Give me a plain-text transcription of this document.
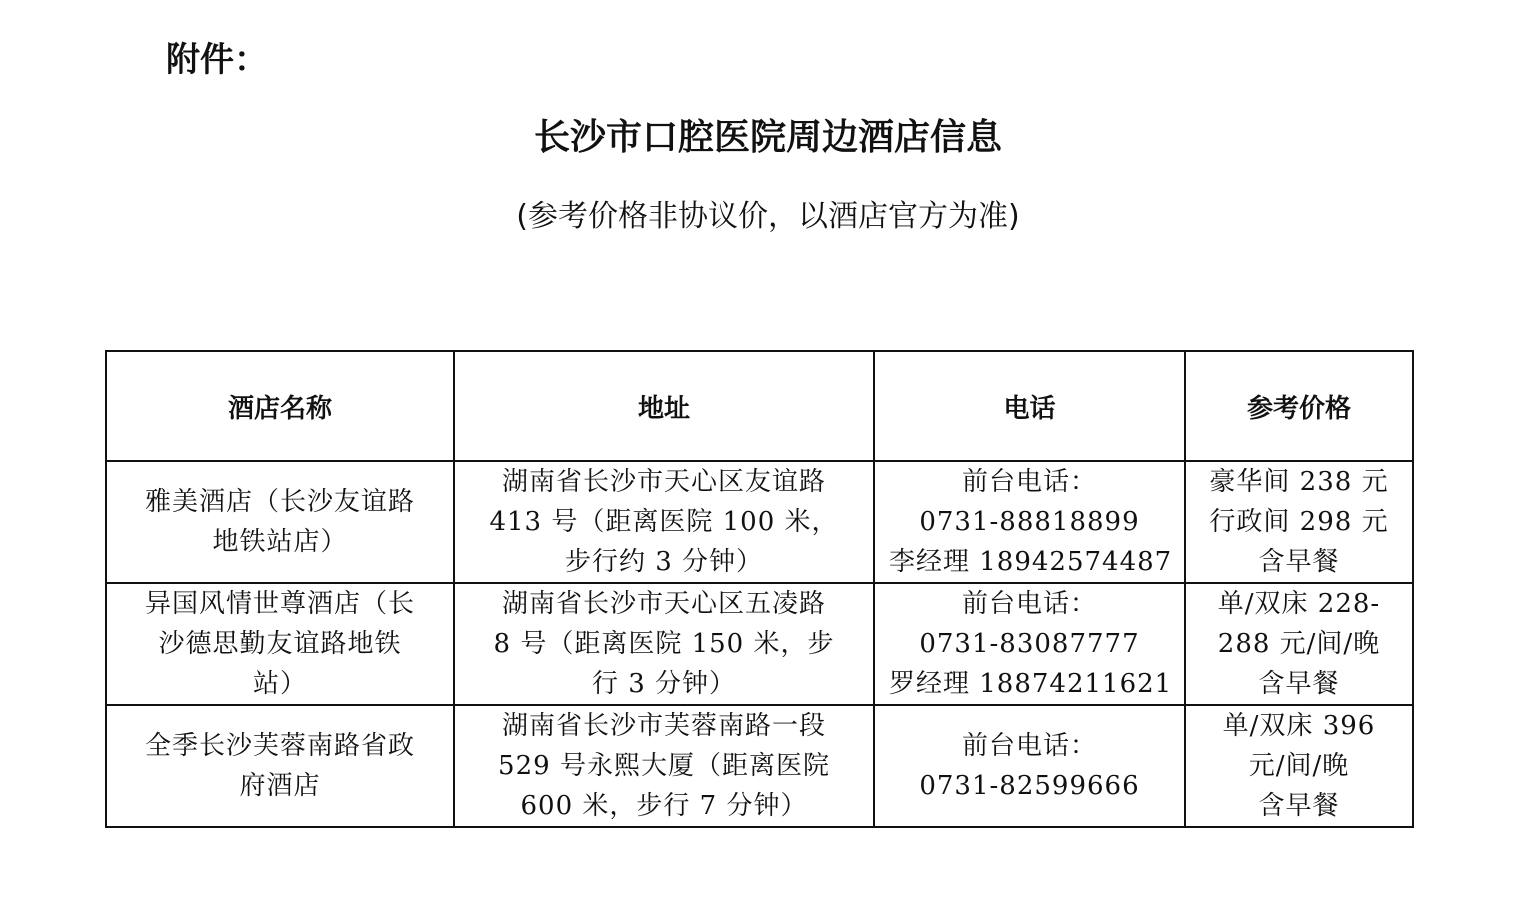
附件：
长沙市口腔医院周边酒店信息
(参考价格非协议价，以酒店官方为准)
酒店名称	地址	电话	参考价格

雅美酒店（长沙友谊路
地铁站店）	湖南省长沙市天心区友谊路
413 号（距离医院 100 米，
步行约 3 分钟）	前台电话：
0731-88818899
李经理 18942574487	豪华间 238 元
行政间 298 元
含早餐

异国风情世尊酒店（长
沙德思勤友谊路地铁
站）	湖南省长沙市天心区五凌路
8 号（距离医院 150 米，步
行 3 分钟）	前台电话：
0731-83087777
罗经理 18874211621	单/双床 228-
288 元/间/晚
含早餐

全季长沙芙蓉南路省政
府酒店	湖南省长沙市芙蓉南路一段
529 号永熙大厦（距离医院
600 米，步行 7 分钟）	前台电话：
0731-82599666	单/双床 396
元/间/晚
含早餐
